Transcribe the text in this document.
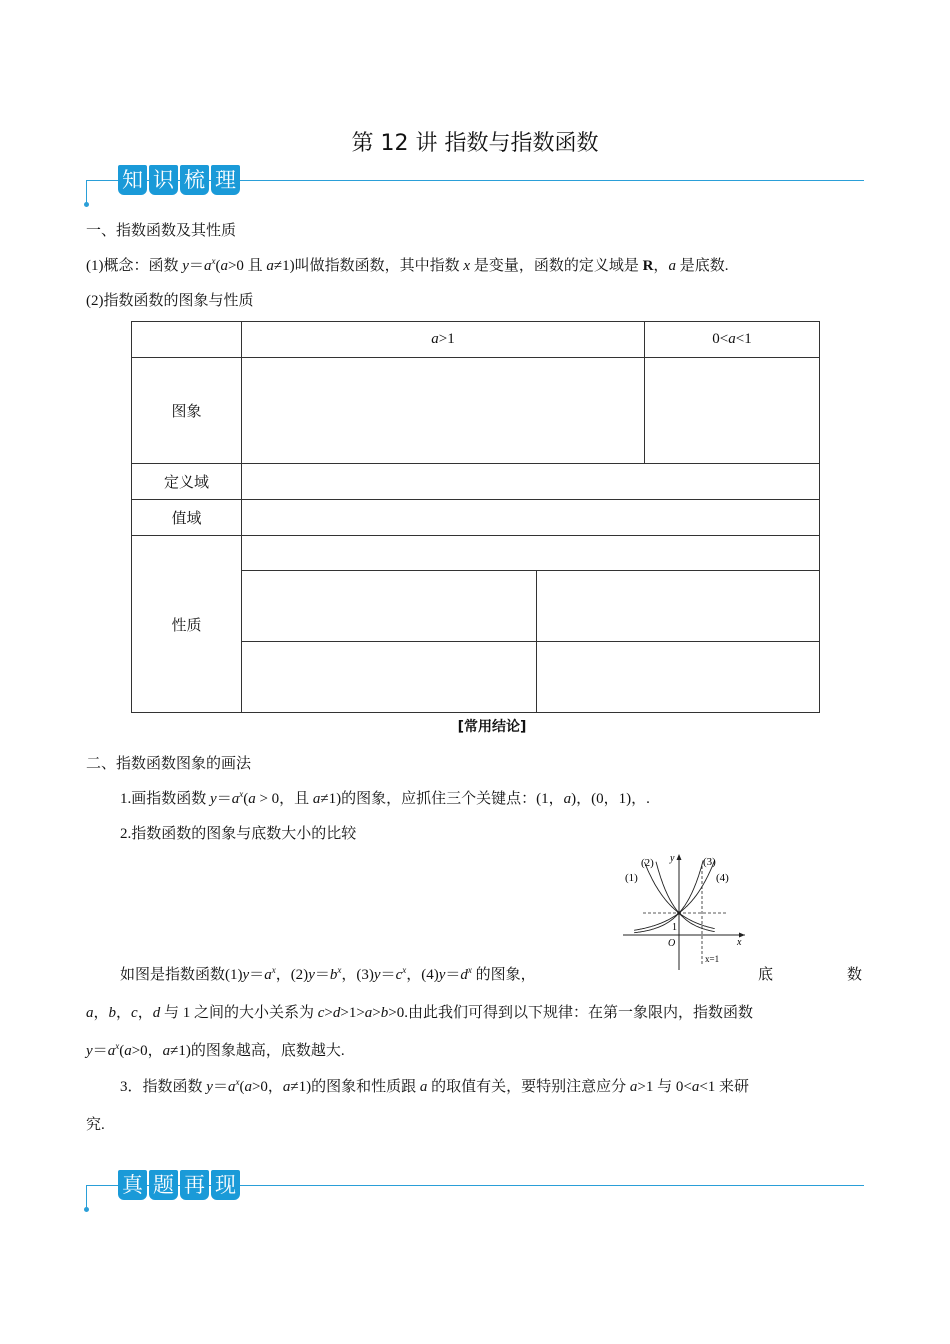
第 12 讲 指数与指数函数
知 识 梳 理
一、指数函数及其性质
(1)概念：函数 $y=a^x(a>0$ 且 a≠1)叫做指数函数，其中指数 x 是变量，函数的定义域是 R，a 是底数.
(2)指数函数的图象与性质
	a>1		0<a<1
图象			
定义域			
值域			
性质			

[常用结论]
二、指数函数图象的画法
1.画指数函数 $y=a^x(a > 0$，且 a≠1)的图象，应抓住三个关键点：(1，a)，(0，1)，.
2.指数函数的图象与底数大小的比较
(1)
(2)	(3)
(4)
y
x
O
1
x=1
如图是指数函数$(1)y=a^x$，$(2)y=b^x$，$(3)y=c^x$，$(4)y=d^x$ 的图象，	底	数
a，b，c，d 与 1 之间的大小关系为 c>d>1>a>b>0.由此我们可得到以下规律：在第一象限内，指数函数
$y=a^x(a>0$，a≠1)的图象越高，底数越大.
3．指数函数 $y=a^x(a>0$，a≠1)的图象和性质跟 a 的取值有关，要特别注意应分 a>1 与 0<a<1 来研
究.
真 题 再 现
